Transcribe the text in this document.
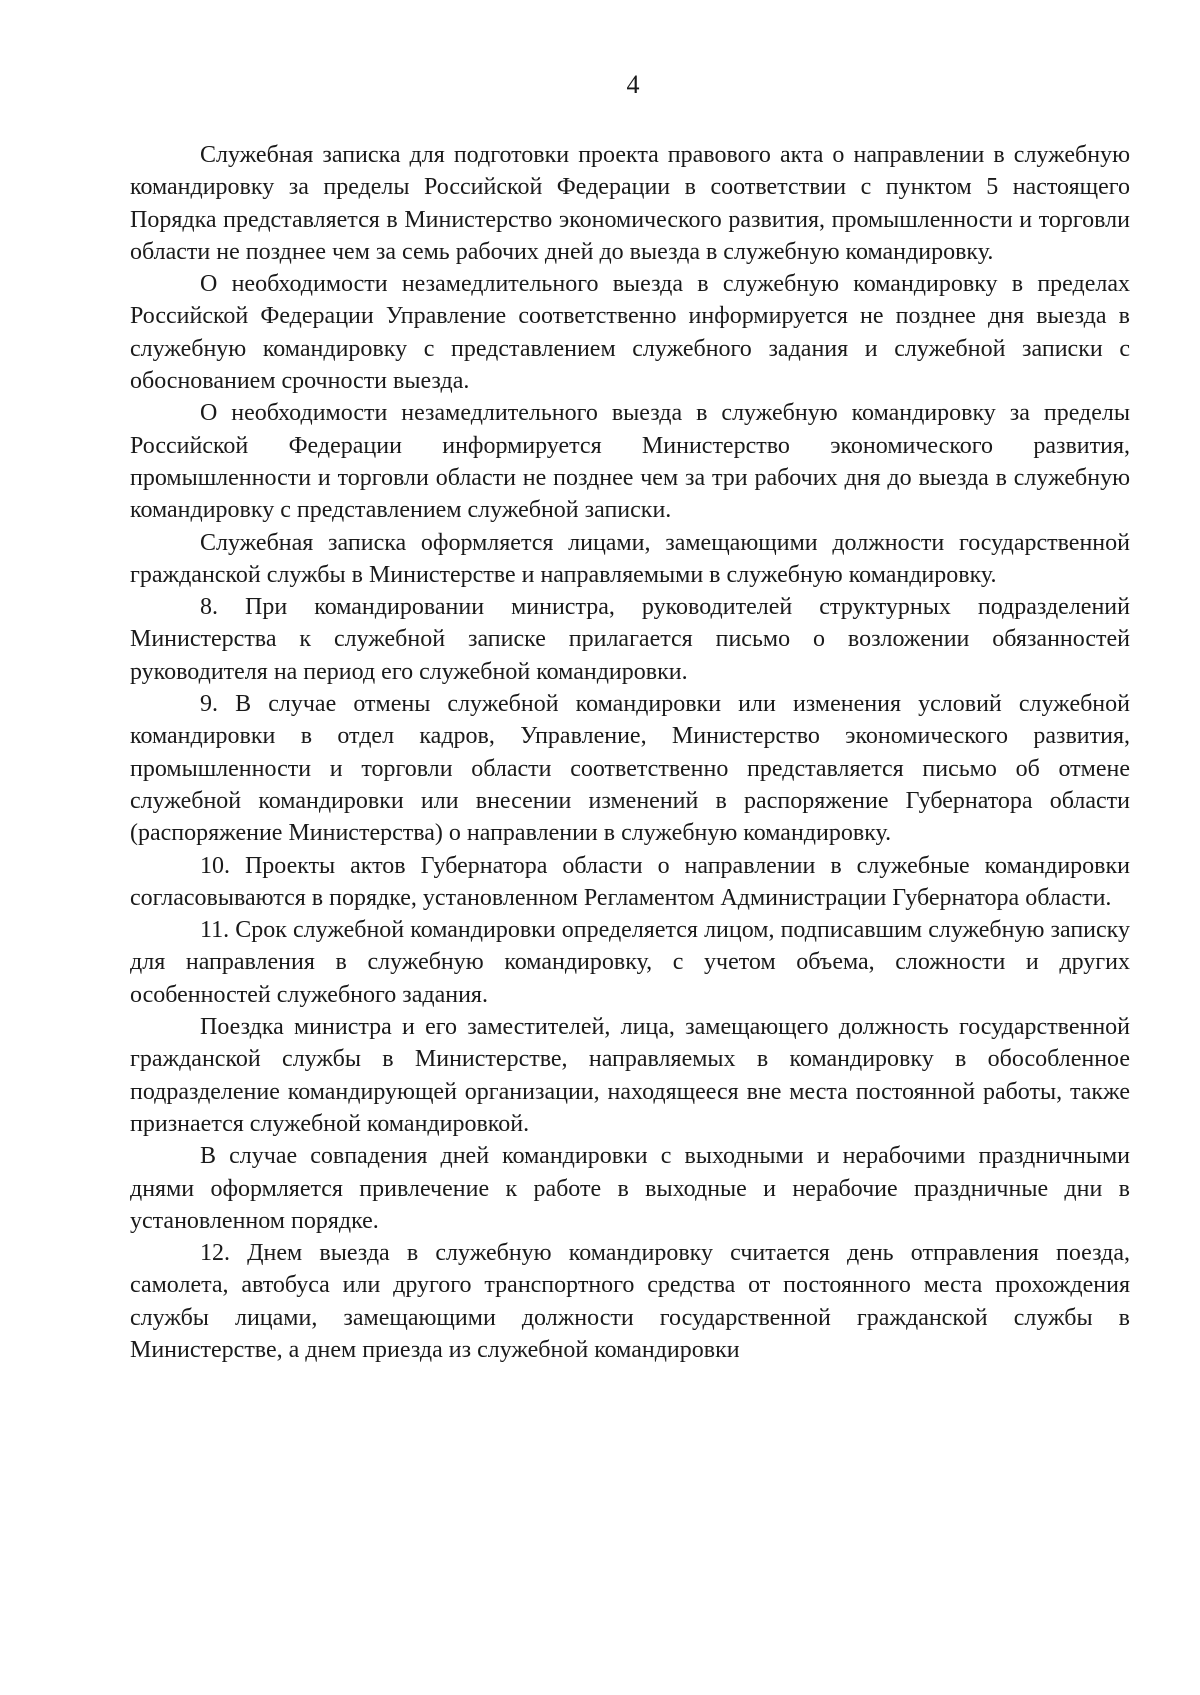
4

Служебная записка для подготовки проекта правового акта о направлении в служебную командировку за пределы Российской Федерации в соответствии с пунктом 5 настоящего Порядка представляется в Министерство экономического развития, промышленности и торговли области не позднее чем за семь рабочих дней до выезда в служебную командировку.

О необходимости незамедлительного выезда в служебную командировку в пределах Российской Федерации Управление соответственно информируется не позднее дня выезда в служебную командировку с представлением служебного задания и служебной записки с обоснованием срочности выезда.

О необходимости незамедлительного выезда в служебную командировку за пределы Российской Федерации информируется Министерство экономического развития, промышленности и торговли области не позднее чем за три рабочих дня до выезда в служебную командировку с представлением служебной записки.

Служебная записка оформляется лицами, замещающими должности государственной гражданской службы в Министерстве и направляемыми в служебную командировку.

8. При командировании министра, руководителей структурных подразделений Министерства к служебной записке прилагается письмо о возложении обязанностей руководителя на период его служебной командировки.

9. В случае отмены служебной командировки или изменения условий служебной командировки в отдел кадров, Управление, Министерство экономического развития, промышленности и торговли области соответственно представляется письмо об отмене служебной командировки или внесении изменений в распоряжение Губернатора области (распоряжение Министерства) о направлении в служебную командировку.

10. Проекты актов Губернатора области о направлении в служебные командировки согласовываются в порядке, установленном Регламентом Администрации Губернатора области.

11. Срок служебной командировки определяется лицом, подписавшим служебную записку для направления в служебную командировку, с учетом объема, сложности и других особенностей служебного задания.

Поездка министра и его заместителей, лица, замещающего должность государственной гражданской службы в Министерстве, направляемых в командировку в обособленное подразделение командирующей организации, находящееся вне места постоянной работы, также признается служебной командировкой.

В случае совпадения дней командировки с выходными и нерабочими праздничными днями оформляется привлечение к работе в выходные и нерабочие праздничные дни в установленном порядке.

12. Днем выезда в служебную командировку считается день отправления поезда, самолета, автобуса или другого транспортного средства от постоянного места прохождения службы лицами, замещающими должности государственной гражданской службы в Министерстве, а днем приезда из служебной командировки
